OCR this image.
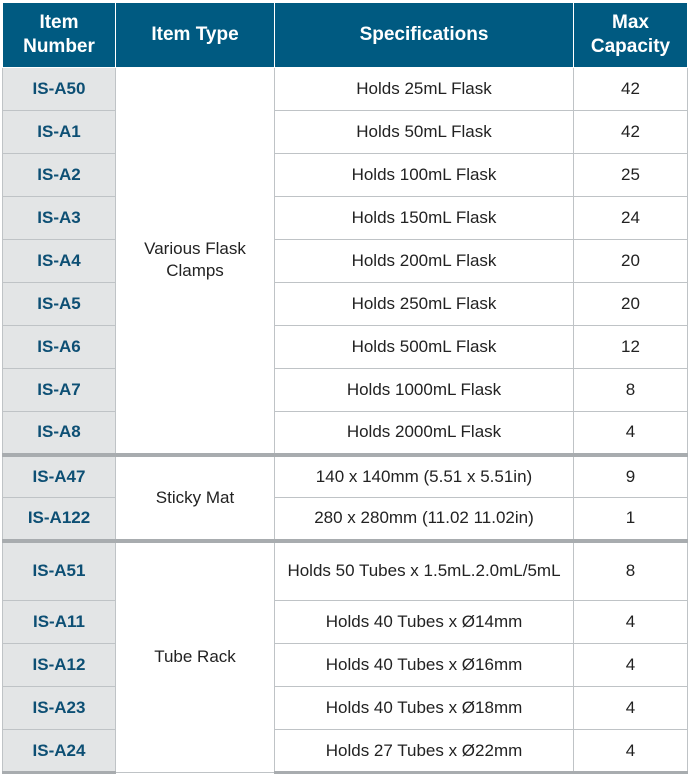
Item Number	Item Type	Specifications	Max Capacity
IS-A50	Various Flask Clamps	Holds 25mL Flask	42
IS-A1		Holds 50mL Flask	42
IS-A2		Holds 100mL Flask	25
IS-A3		Holds 150mL Flask	24
IS-A4		Holds 200mL Flask	20
IS-A5		Holds 250mL Flask	20
IS-A6		Holds 500mL Flask	12
IS-A7		Holds 1000mL Flask	8
IS-A8		Holds 2000mL Flask	4
IS-A47	Sticky Mat	140 x 140mm (5.51 x 5.51in)	9
IS-A122		280 x 280mm (11.02 11.02in)	1
IS-A51	Tube Rack	Holds 50 Tubes x 1.5mL.2.0mL/5mL	8
IS-A11		Holds 40 Tubes x Ø14mm	4
IS-A12		Holds 40 Tubes x Ø16mm	4
IS-A23		Holds 40 Tubes x Ø18mm	4
IS-A24		Holds 27 Tubes x Ø22mm	4
